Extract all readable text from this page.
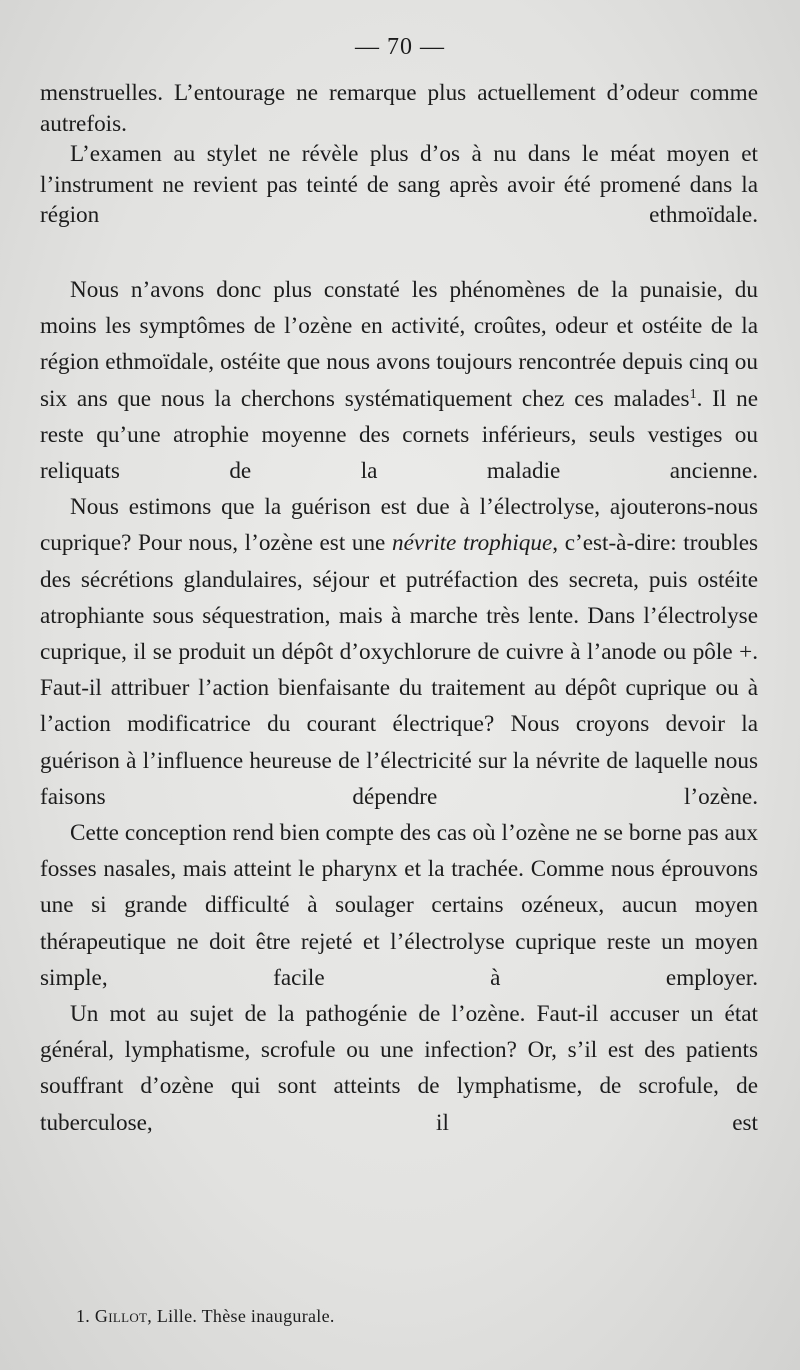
— 70 —

menstruelles. L’entourage ne remarque plus actuellement d’odeur comme autrefois.

L’examen au stylet ne révèle plus d’os à nu dans le méat moyen et l’instrument ne revient pas teinté de sang après avoir été promené dans la région ethmoïdale.

Nous n’avons donc plus constaté les phénomènes de la punaisie, du moins les symptômes de l’ozène en activité, croûtes, odeur et ostéite de la région ethmoïdale, ostéite que nous avons toujours rencontrée depuis cinq ou six ans que nous la cherchons systématiquement chez ces malades$^1$. Il ne reste qu’une atrophie moyenne des cornets inférieurs, seuls vestiges ou reliquats de la maladie ancienne.

Nous estimons que la guérison est due à l’électrolyse, ajouterons-nous cuprique? Pour nous, l’ozène est une névrite trophique, c’est-à-dire: troubles des sécrétions glandulaires, séjour et putréfaction des secreta, puis ostéite atrophiante sous séquestration, mais à marche très lente. Dans l’électrolyse cuprique, il se produit un dépôt d’oxychlorure de cuivre à l’anode ou pôle +. Faut-il attribuer l’action bienfaisante du traitement au dépôt cuprique ou à l’action modificatrice du courant électrique? Nous croyons devoir la guérison à l’influence heureuse de l’électricité sur la névrite de laquelle nous faisons dépendre l’ozène.

Cette conception rend bien compte des cas où l’ozène ne se borne pas aux fosses nasales, mais atteint le pharynx et la trachée. Comme nous éprouvons une si grande difficulté à soulager certains ozéneux, aucun moyen thérapeutique ne doit être rejeté et l’électrolyse cuprique reste un moyen simple, facile à employer.

Un mot au sujet de la pathogénie de l’ozène. Faut-il accuser un état général, lymphatisme, scrofule ou une infection? Or, s’il est des patients souffrant d’ozène qui sont atteints de lymphatisme, de scrofule, de tuberculose, il est

1. Gillot, Lille. Thèse inaugurale.
